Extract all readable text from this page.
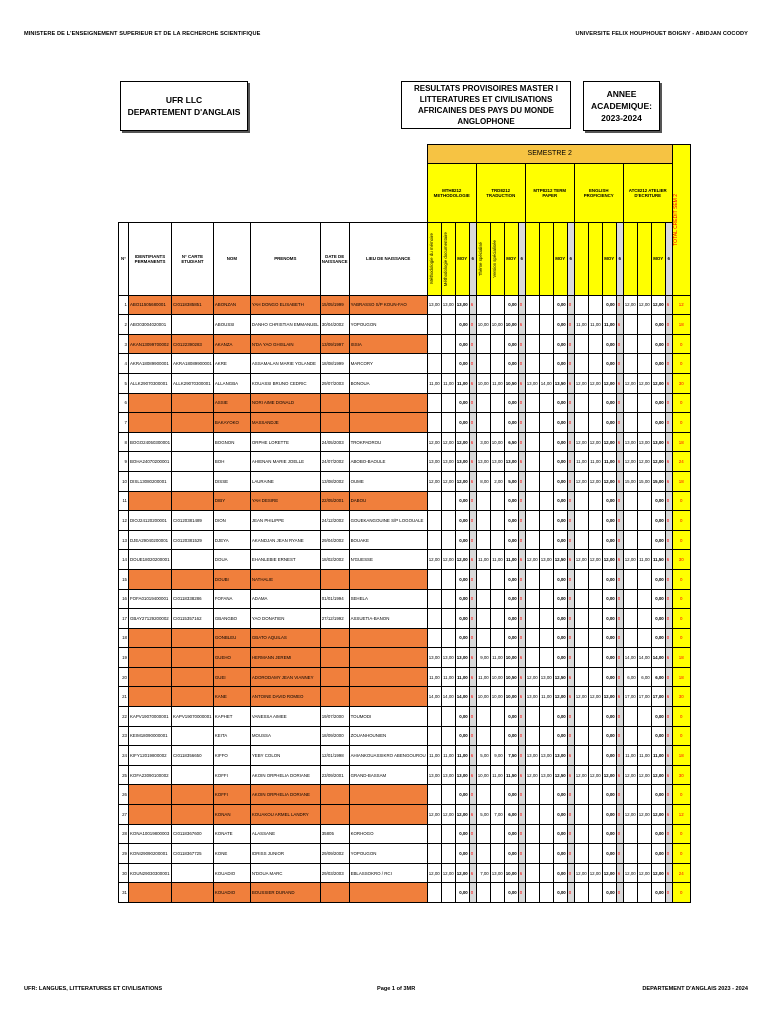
MINISTERE DE L'ENSEIGNEMENT SUPERIEUR ET DE LA RECHERCHE SCIENTIFIQUE	UNIVERSITE FELIX HOUPHOUET BOIGNY - ABIDJAN COCODY
UFR LLC
DEPARTEMENT D'ANGLAIS
RESULTATS PROVISOIRES MASTER I LITTERATURES ET CIVILISATIONS AFRICAINES DES PAYS DU MONDE ANGLOPHONE
ANNEE ACADEMIQUE:
2023-2024
							SEMESTRE 2																				TOTAL CREDIT SEM 2

							MTH8212 METHODOLOGIE				TRD8212 TRADUCTION				MTP8212 TERM PAPER				ENGLISH PROFICIENCY				ATC8212 ATELIER D'ECRITURE				
N°	IDENTIFIANTS PERMANENTS	N° CARTE ETUDIANT	NOM	PRENOMS	DATE DE NAISSANCE	LIEU DE NAISSANCE	Méthodologie du mémoire	Méthodologie documentaire	MOY	6	Thème spécialisé	Version spécialisée	MOY	6			MOY	6			MOY	6			MOY	6	
1	ABO11505680001	CI0118385851	ABONZAN	YAH DONGO ELISABETH	15/05/1999	YABRASSO S/P KOUN-FAO	13,00	13,00	13,00	6			0,00	0			0,00	0			0,00	0	12,00	12,00	12,00	6	12
2	ABO03004020001		ABOUSSI	DANHO CHRISTIAN EMMANUEL	30/04/2002	YOPOUGON			0,00	0	10,00	10,00	10,00	6			0,00	0	11,00	11,00	11,00	6			0,00	0	18
3	AKAN13099700002	CI0122390283	AKANZA	N'DA YAO GHISLAIN	13/09/1997	ISSIA			0,00	0			0,00	0			0,00	0			0,00	0			0,00	0	0
4	AKRA18089900001	AKRA18089900001	AKRE	ASSAMALAN MARIE YOLANDE	18/08/1999	MARCORY			0,00	0			0,00	0			0,00	0			0,00	0			0,00	0	0
5	ALLK29070300001	ALLK29070300001	ALLANGBA	KOUASSI BRUNO CEDRIC	29/07/2003	BONOUA	11,00	11,00	11,00	6	10,00	11,00	10,50	6	13,00	14,00	13,50	6	12,00	12,00	12,00	6	12,00	12,00	12,00	6	30
6			ASSIE	NORI AIME DONALD					0,00	0			0,00	0			0,00	0			0,00	0			0,00	0	0
7			BAKAYOKO	MASSANDJE					0,00	0			0,00	0			0,00	0			0,00	0			0,00	0	0
8	BOGO24050300001		BOGNON	ORPHE LORETTE	24/05/2003	TROKPADROU	12,00	12,00	12,00	6	3,00	10,00	6,50	0			0,00	0	12,00	12,00	12,00	6	13,00	13,00	13,00	6	18
9	BOHA24070200001		BOH	AHIENAN MARIE JOELLE	24/07/2002	ABOBO-BAOULE	13,00	13,00	13,00	6	13,00	13,00	13,00	6			0,00	0	11,00	11,00	11,00	6	12,00	12,00	12,00	6	24
10	DISL13080200001		DISSE	LAURAINE	13/08/2002	OUME	12,00	12,00	12,00	6	8,00	2,00	5,00	0			0,00	0	12,00	12,00	12,00	6	15,00	15,00	15,00	6	18
11			DIBY	YAH DESIRE	22/05/2001	DABOU			0,00	0			0,00	0			0,00	0			0,00	0			0,00	0	0
12	DIOJ24120200001	CI0120381489	DION	JEAN PHILIPPE	24/12/2002	GOUEKANGOUINE S/P LOGOUALE			0,00	0			0,00	0			0,00	0			0,00	0			0,00	0	0
13	DJEA29040200001	CI0120381529	DJEYA	AKANDJAN JEAN RYANE	29/04/2002	BOUAKE			0,00	0			0,00	0			0,00	0			0,00	0			0,00	0	0
14	DOUE18020200001		DOUA	EHANLEBIE ERNEST	18/02/2002	N'GUESSE	12,00	12,00	12,00	6	11,00	11,00	11,00	6	12,00	13,00	12,50	6	12,00	12,00	12,00	6	12,00	11,00	11,50	6	30
15			DOUBI	NATHALIE					0,00	0			0,00	0			0,00	0			0,00	0			0,00	0	0
16	FOFA01019400001	CI0118338286	FOFANA	ADAMA	01/01/1994	SEHELA			0,00	0			0,00	0			0,00	0			0,00	0			0,00	0	0
17	GBAY27129200002	CI0115357162	GBANGBO	YAO DONATIEN	27/12/1992	ASSUETIA-BANON			0,00	0			0,00	0			0,00	0			0,00	0			0,00	0	0
18			GONBLEU	GBATO AQUILAS					0,00	0			0,00	0			0,00	0			0,00	0			0,00	0	0
19			GUEHO	HERMANN JEREMI			13,00	13,00	13,00	6	9,00	11,00	10,00	6			0,00	0			0,00	0	14,00	14,00	14,00	6	18
20			GUEI	ADORODAMY JEAN VIANNEY			11,00	11,00	11,00	6	11,00	10,00	10,50	6	12,00	13,00	12,50	6			0,00	0	6,00	6,00	6,00	0	18
21			KANE	ANTOINE DAVID ROMEO			14,00	14,00	14,00	6	10,00	10,00	10,00	6	13,00	11,00	12,00	6	12,00	12,00	12,00	6	17,00	17,00	17,00	6	30
22	KAPV19070000001	KAPV19070000001	KAPHET	VANESSA AIMEE	19/07/2000	TOUMODI			0,00	0			0,00	0			0,00	0			0,00	0			0,00	0	0
23	KEIM18090000001		KEITA	MOUSSA	18/09/2000	ZOUANHOUNIEN			0,00	0			0,00	0			0,00	0			0,00	0			0,00	0	0
24	KIFY12019800002	CI0118356650	KIFFO	YEBY COLON	12/01/1998	AHIANKOUASSIKRO ABENGOUROU	11,00	11,00	11,00	6	5,00	9,00	7,50	0	13,00	13,00	13,00	6			0,00	0	11,00	11,00	11,00	6	18
25	KOFA23090100002		KOFFI	AKOIN ORPHELIA DORIANE	23/09/2001	GRAND-BASSAM	13,00	13,00	13,00	6	10,00	11,00	11,50	6	12,00	13,00	12,50	6	12,00	12,00	12,00	6	12,00	12,00	12,00	6	30
26			KOFFI	AKOIN ORPHELIA DORIANE					0,00	0			0,00	0			0,00	0			0,00	0			0,00	0	0
27			KONAN	KOUAKOU ARMEL LANDRY			12,00	12,00	12,00	6	5,00	7,00	6,00	0			0,00	0			0,00	0	12,00	12,00	12,00	6	12
28	KONA10019800003	CI0118367600	KONATE	ALASSANE	35805	KORHOGO			0,00	0			0,00	0			0,00	0			0,00	0			0,00	0	0
29	KONI29090200001	CI0118367725	KONE	IDRISS JUNIOR	29/09/2002	YOPOUGON			0,00	0			0,00	0			0,00	0			0,00	0			0,00	0	0
30	KOUN29030300001		KOUADIO	N'DOUA MARC	29/03/2003	EBLASSOKRO / RCI	12,00	12,00	12,00	6	7,00	13,00	10,00	6			0,00	0	12,00	12,00	12,00	6	12,00	12,00	12,00	6	24
31			KOUADIO	BOUSSIER DURAND					0,00	0			0,00	0			0,00	0			0,00	0			0,00	0	0
UFR: LANGUES, LITTERATURES ET CIVILISATIONS	Page 1 of 3MR	DEPARTEMENT D'ANGLAIS 2023 - 2024
